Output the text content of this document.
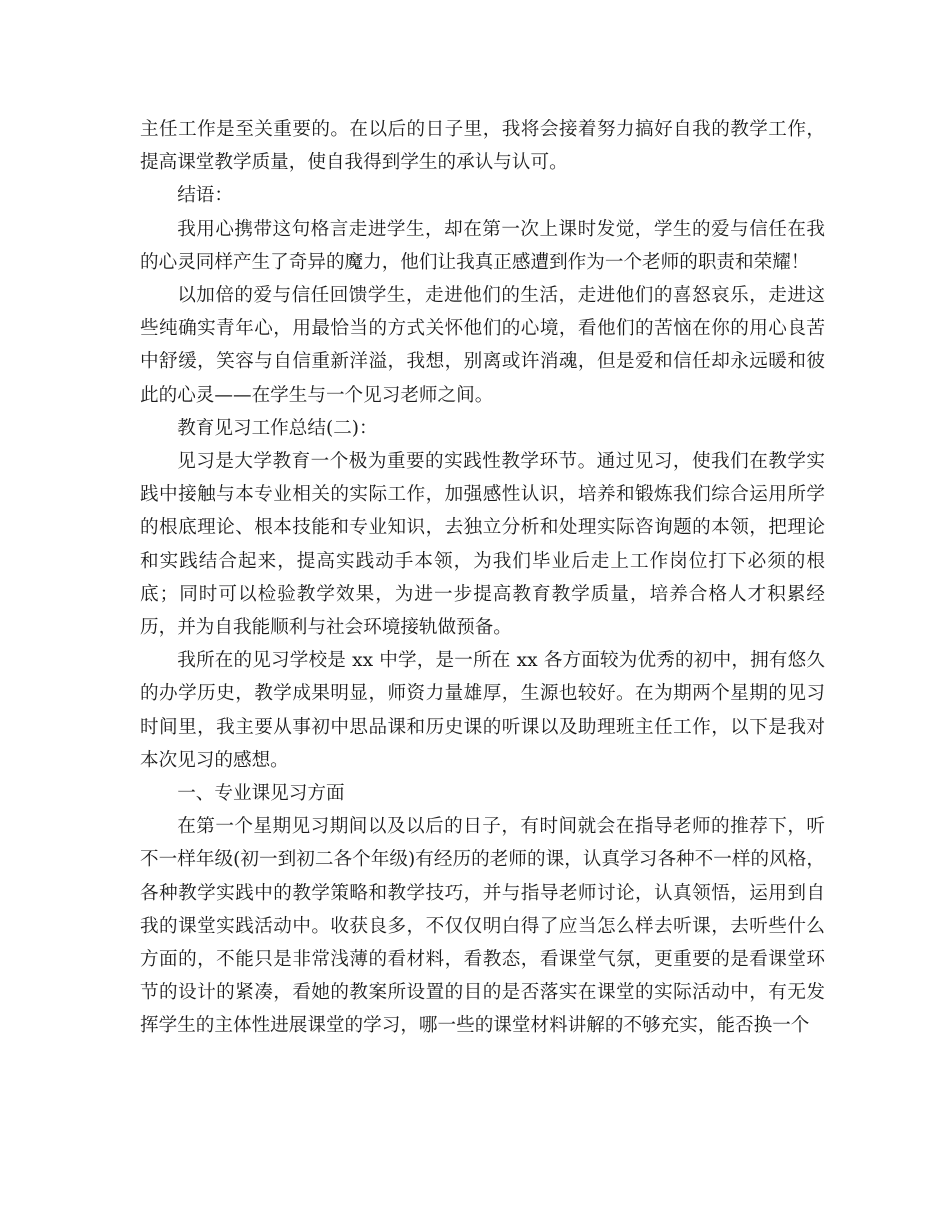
主任工作是至关重要的。在以后的日子里，我将会接着努力搞好自我的教学工作，提高课堂教学质量，使自我得到学生的承认与认可。

结语：

我用心携带这句格言走进学生，却在第一次上课时发觉，学生的爱与信任在我的心灵同样产生了奇异的魔力，他们让我真正感遭到作为一个老师的职责和荣耀！

以加倍的爱与信任回馈学生，走进他们的生活，走进他们的喜怒哀乐，走进这些纯确实青年心，用最恰当的方式关怀他们的心境，看他们的苦恼在你的用心良苦中舒缓，笑容与自信重新洋溢，我想，别离或许消魂，但是爱和信任却永远暖和彼此的心灵——在学生与一个见习老师之间。

教育见习工作总结(二)：

见习是大学教育一个极为重要的实践性教学环节。通过见习，使我们在教学实践中接触与本专业相关的实际工作，加强感性认识，培养和锻炼我们综合运用所学的根底理论、根本技能和专业知识，去独立分析和处理实际咨询题的本领，把理论和实践结合起来，提高实践动手本领，为我们毕业后走上工作岗位打下必须的根底；同时可以检验教学效果，为进一步提高教育教学质量，培养合格人才积累经历，并为自我能顺利与社会环境接轨做预备。

我所在的见习学校是 xx 中学，是一所在 xx 各方面较为优秀的初中，拥有悠久的办学历史，教学成果明显，师资力量雄厚，生源也较好。在为期两个星期的见习时间里，我主要从事初中思品课和历史课的听课以及助理班主任工作，以下是我对本次见习的感想。

一、专业课见习方面

在第一个星期见习期间以及以后的日子，有时间就会在指导老师的推荐下，听不一样年级(初一到初二各个年级)有经历的老师的课，认真学习各种不一样的风格，各种教学实践中的教学策略和教学技巧，并与指导老师讨论，认真领悟，运用到自我的课堂实践活动中。收获良多，不仅仅明白得了应当怎么样去听课，去听些什么方面的，不能只是非常浅薄的看材料，看教态，看课堂气氛，更重要的是看课堂环节的设计的紧凑，看她的教案所设置的目的是否落实在课堂的实际活动中，有无发挥学生的主体性进展课堂的学习，哪一些的课堂材料讲解的不够充实，能否换一个
